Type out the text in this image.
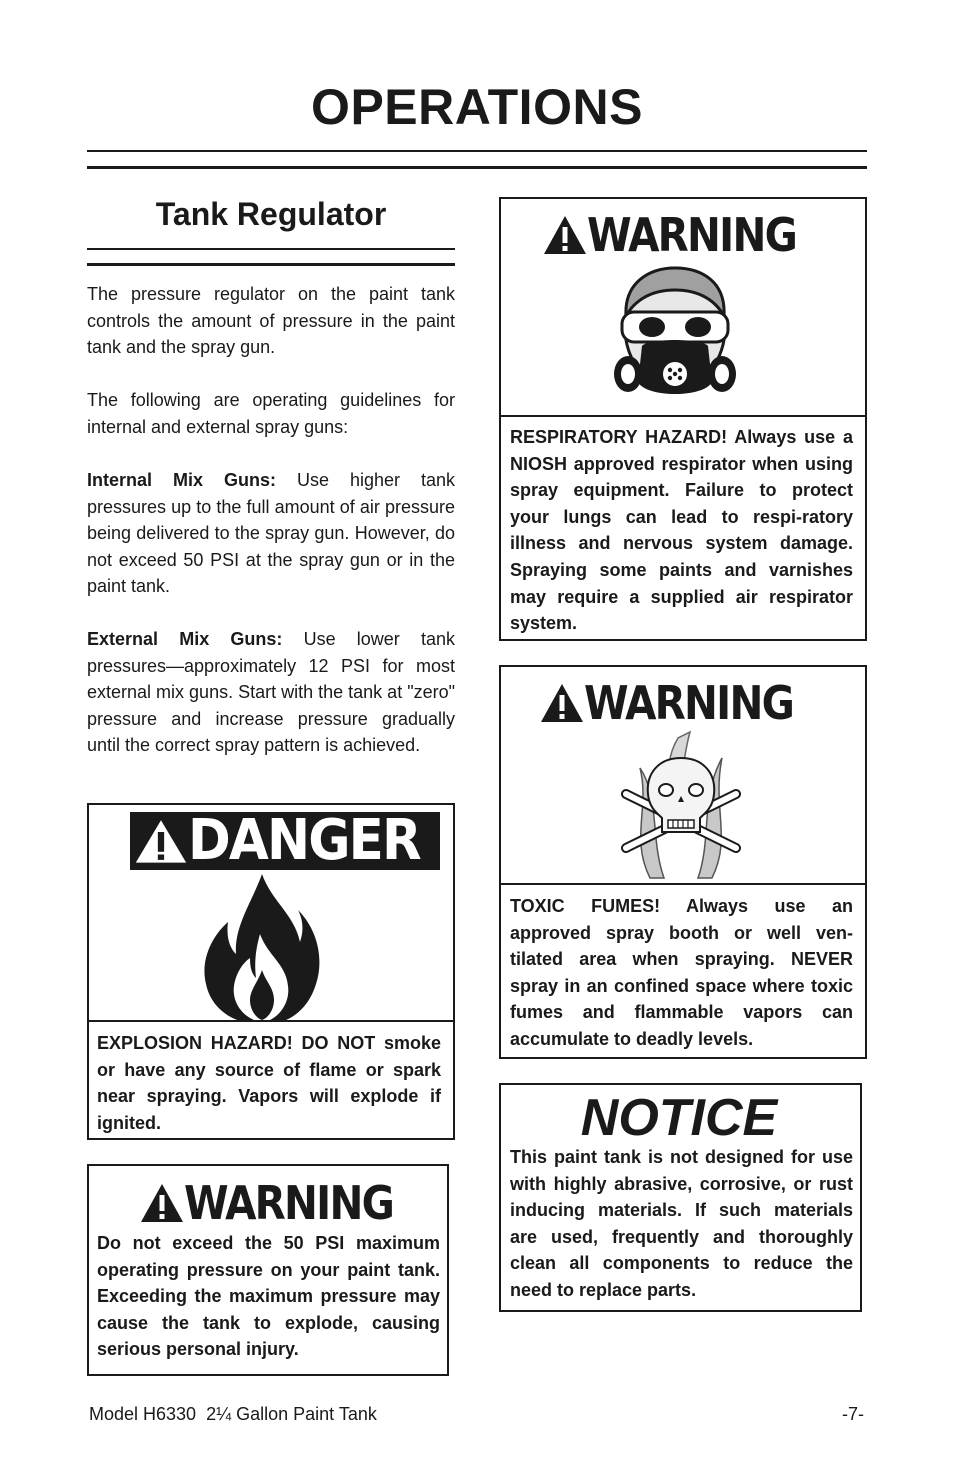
OPERATIONS
Tank Regulator

The pressure regulator on the paint tank controls the amount of pressure in the paint tank and the spray gun.

The following are operating guidelines for internal and external spray guns:

Internal Mix Guns: Use higher tank pressures up to the full amount of air pressure being delivered to the spray gun. However, do not exceed 50 PSI at the spray gun or in the paint tank.

External Mix Guns: Use lower tank pressures—approximately 12 PSI for most external mix guns. Start with the tank at "zero" pressure and increase pressure gradually until the correct spray pattern is achieved.

DANGER

EXPLOSION HAZARD! DO NOT smoke or have any source of flame or spark near spraying. Vapors will explode if ignited.

WARNING

Do not exceed the 50 PSI maximum operating pressure on your paint tank. Exceeding the maximum pressure may cause the tank to explode, causing serious personal injury.

WARNING

RESPIRATORY HAZARD! Always use a NIOSH approved respirator when using spray equipment. Failure to protect your lungs can lead to respi-ratory illness and nervous system damage. Spraying some paints and varnishes may require a supplied air respirator system.

WARNING

TOXIC FUMES! Always use an approved spray booth or well ven-tilated area when spraying. NEVER spray in an confined space where toxic fumes and flammable vapors can accumulate to deadly levels.

NOTICE

This paint tank is not designed for use with highly abrasive, corrosive, or rust inducing materials. If such materials are used, frequently and thoroughly clean all components to reduce the need to replace parts.

Model H6330  2¼ Gallon Paint Tank	-7-
